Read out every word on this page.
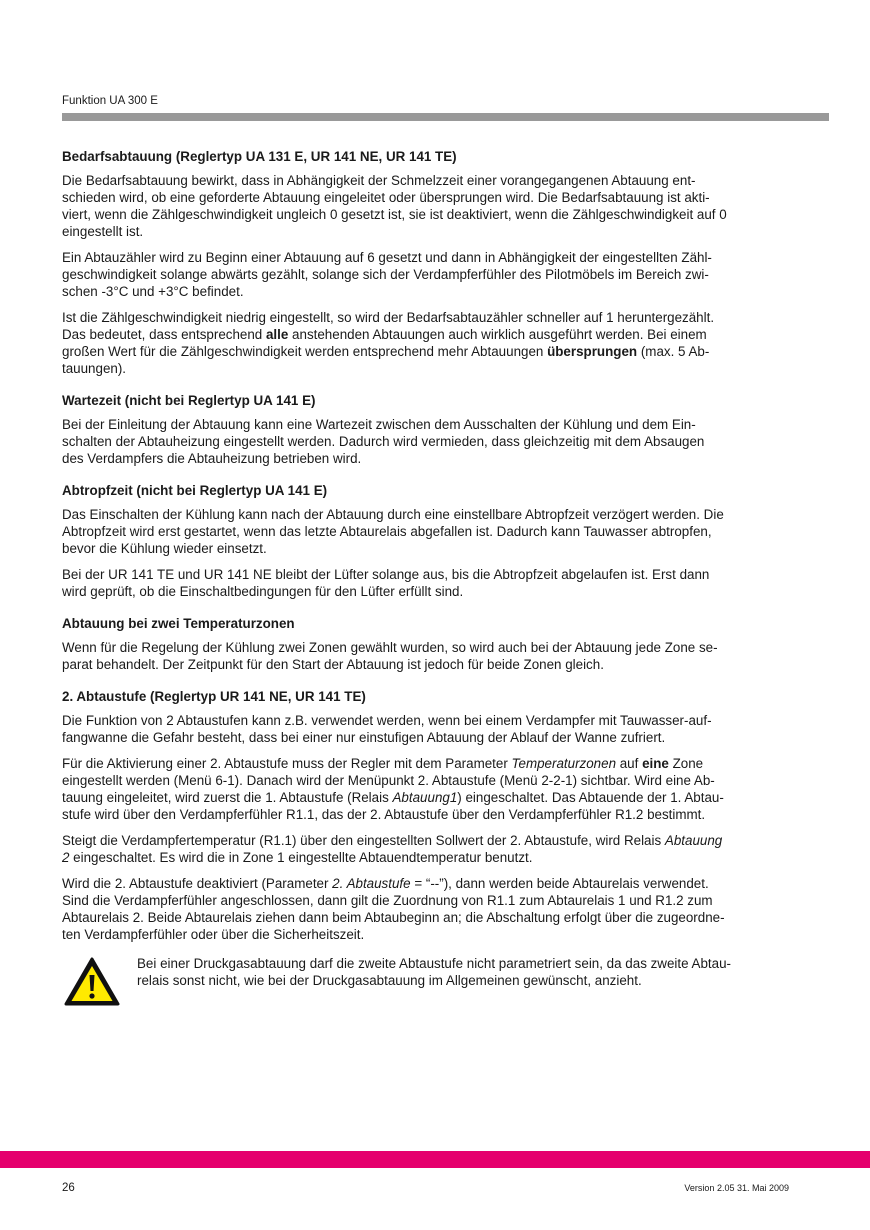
Funktion UA 300 E
Bedarfsabtauung (Reglertyp UA 131 E, UR 141 NE, UR 141 TE)
Die Bedarfsabtauung bewirkt, dass in Abhängigkeit der Schmelzzeit einer vorangegangenen Abtauung ent-
schieden wird, ob eine geforderte Abtauung eingeleitet oder übersprungen wird. Die Bedarfsabtauung ist akti-
viert, wenn die Zählgeschwindigkeit ungleich 0 gesetzt ist, sie ist deaktiviert, wenn die Zählgeschwindigkeit auf 0
eingestellt ist.
Ein Abtauzähler wird zu Beginn einer Abtauung auf 6 gesetzt und dann in Abhängigkeit der eingestellten Zähl-
geschwindigkeit solange abwärts gezählt, solange sich der Verdampferfühler des Pilotmöbels im Bereich zwi-
schen -3°C und +3°C befindet.
Ist die Zählgeschwindigkeit niedrig eingestellt, so wird der Bedarfsabtauzähler schneller auf 1 heruntergezählt.
Das bedeutet, dass entsprechend alle anstehenden Abtauungen auch wirklich ausgeführt werden. Bei einem
großen Wert für die Zählgeschwindigkeit werden entsprechend mehr Abtauungen übersprungen (max. 5 Ab-
tauungen).
Wartezeit (nicht bei Reglertyp UA 141 E)
Bei der Einleitung der Abtauung kann eine Wartezeit zwischen dem Ausschalten der Kühlung und dem Ein-
schalten der Abtauheizung eingestellt werden. Dadurch wird vermieden, dass gleichzeitig mit dem Absaugen
des Verdampfers die Abtauheizung betrieben wird.
Abtropfzeit (nicht bei Reglertyp UA 141 E)
Das Einschalten der Kühlung kann nach der Abtauung durch eine einstellbare Abtropfzeit verzögert werden. Die
Abtropfzeit wird erst gestartet, wenn das letzte Abtaurelais abgefallen ist. Dadurch kann Tauwasser abtropfen,
bevor die Kühlung wieder einsetzt.
Bei der UR 141 TE und UR 141 NE bleibt der Lüfter solange aus, bis die Abtropfzeit abgelaufen ist. Erst dann
wird geprüft, ob die Einschaltbedingungen für den Lüfter erfüllt sind.
Abtauung bei zwei Temperaturzonen
Wenn für die Regelung der Kühlung zwei Zonen gewählt wurden, so wird auch bei der Abtauung jede Zone se-
parat behandelt. Der Zeitpunkt für den Start der Abtauung ist jedoch für beide Zonen gleich.
2. Abtaustufe (Reglertyp UR 141 NE, UR 141 TE)
Die Funktion von 2 Abtaustufen kann z.B. verwendet werden, wenn bei einem Verdampfer mit Tauwasser-auf-
fangwanne die Gefahr besteht, dass bei einer nur einstufigen Abtauung der Ablauf der Wanne zufriert.
Für die Aktivierung einer 2. Abtaustufe muss der Regler mit dem Parameter Temperaturzonen auf eine Zone
eingestellt werden (Menü 6-1). Danach wird der Menüpunkt 2. Abtaustufe (Menü 2-2-1) sichtbar. Wird eine Ab-
tauung eingeleitet, wird zuerst die 1. Abtaustufe (Relais Abtauung1) eingeschaltet. Das Abtauende der 1. Abtau-
stufe wird über den Verdampferfühler R1.1, das der 2. Abtaustufe über den Verdampferfühler R1.2 bestimmt.
Steigt die Verdampfertemperatur (R1.1) über den eingestellten Sollwert der 2. Abtaustufe, wird Relais Abtauung
2 eingeschaltet. Es wird die in Zone 1 eingestellte Abtauendtemperatur benutzt.
Wird die 2. Abtaustufe deaktiviert (Parameter 2. Abtaustufe = “--”), dann werden beide Abtaurelais verwendet.
Sind die Verdampferfühler angeschlossen, dann gilt die Zuordnung von R1.1 zum Abtaurelais 1 und R1.2 zum
Abtaurelais 2. Beide Abtaurelais ziehen dann beim Abtaubeginn an; die Abschaltung erfolgt über die zugeordne-
ten Verdampferfühler oder über die Sicherheitszeit.
Bei einer Druckgasabtauung darf die zweite Abtaustufe nicht parametriert sein, da das zweite Abtau-
relais sonst nicht, wie bei der Druckgasabtauung im Allgemeinen gewünscht, anzieht.
26	Version 2.05 31. Mai 2009
